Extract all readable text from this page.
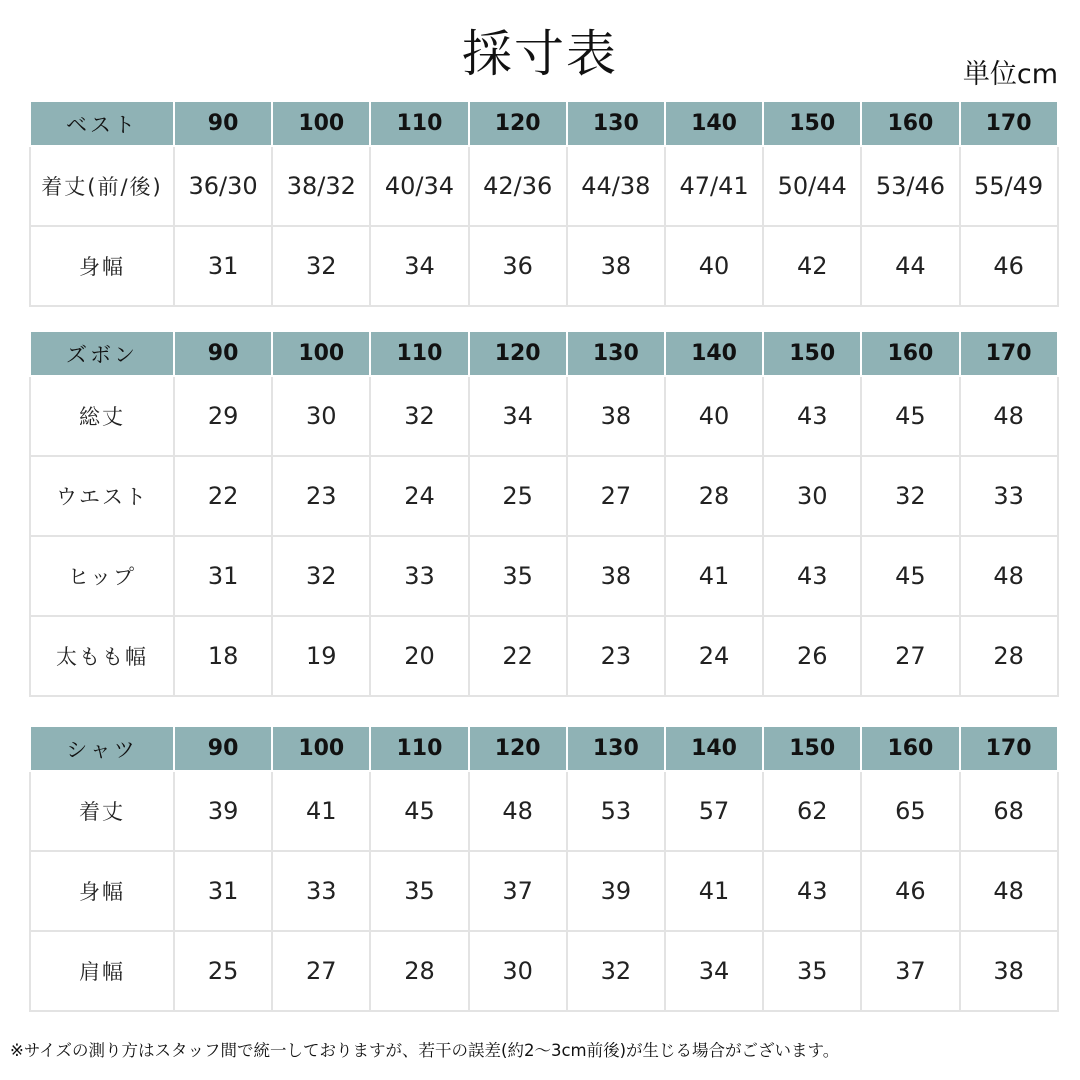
採寸表	単位cm
ベスト	90	100	110	120	130	140	150	160	170
着丈(前/後)	36/30	38/32	40/34	42/36	44/38	47/41	50/44	53/46	55/49
身幅	31	32	34	36	38	40	42	44	46
ズボン	90	100	110	120	130	140	150	160	170
総丈	29	30	32	34	38	40	43	45	48
ウエスト	22	23	24	25	27	28	30	32	33
ヒップ	31	32	33	35	38	41	43	45	48
太もも幅	18	19	20	22	23	24	26	27	28
シャツ	90	100	110	120	130	140	150	160	170
着丈	39	41	45	48	53	57	62	65	68
身幅	31	33	35	37	39	41	43	46	48
肩幅	25	27	28	30	32	34	35	37	38
※サイズの測り方はスタッフ間で統一しておりますが、若干の誤差(約2～3cm前後)が生じる場合がございます。
